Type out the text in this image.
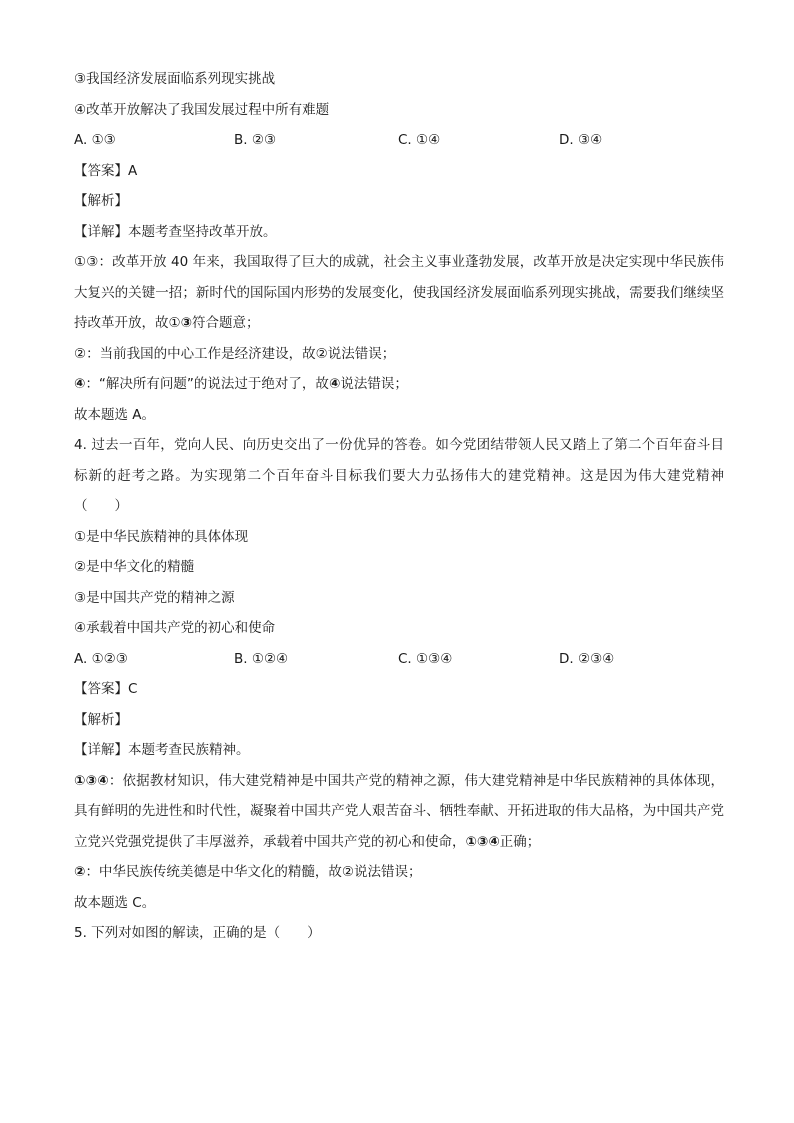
③我国经济发展面临系列现实挑战
④改革开放解决了我国发展过程中所有难题
A. ①③	B. ②③	C. ①④	D. ③④
【答案】A
【解析】
【详解】本题考查坚持改革开放。
①③：改革开放 40 年来，我国取得了巨大的成就，社会主义事业蓬勃发展，改革开放是决定实现中华民族伟大复兴的关键一招；新时代的国际国内形势的发展变化，使我国经济发展面临系列现实挑战，需要我们继续坚持改革开放，故①③符合题意；
②：当前我国的中心工作是经济建设，故②说法错误；
④：“解决所有问题”的说法过于绝对了，故④说法错误；
故本题选 A。
4. 过去一百年，党向人民、向历史交出了一份优异的答卷。如今党团结带领人民又踏上了第二个百年奋斗目标新的赶考之路。为实现第二个百年奋斗目标我们要大力弘扬伟大的建党精神。这是因为伟大建党精神（　　）
①是中华民族精神的具体体现
②是中华文化的精髓
③是中国共产党的精神之源
④承载着中国共产党的初心和使命
A. ①②③	B. ①②④	C. ①③④	D. ②③④
【答案】C
【解析】
【详解】本题考查民族精神。
①③④：依据教材知识，伟大建党精神是中国共产党的精神之源，伟大建党精神是中华民族精神的具体体现，具有鲜明的先进性和时代性，凝聚着中国共产党人艰苦奋斗、牺牲奉献、开拓进取的伟大品格，为中国共产党立党兴党强党提供了丰厚滋养，承载着中国共产党的初心和使命，①③④正确；
②：中华民族传统美德是中华文化的精髓，故②说法错误；
故本题选 C。
5. 下列对如图的解读，正确的是（　　）
